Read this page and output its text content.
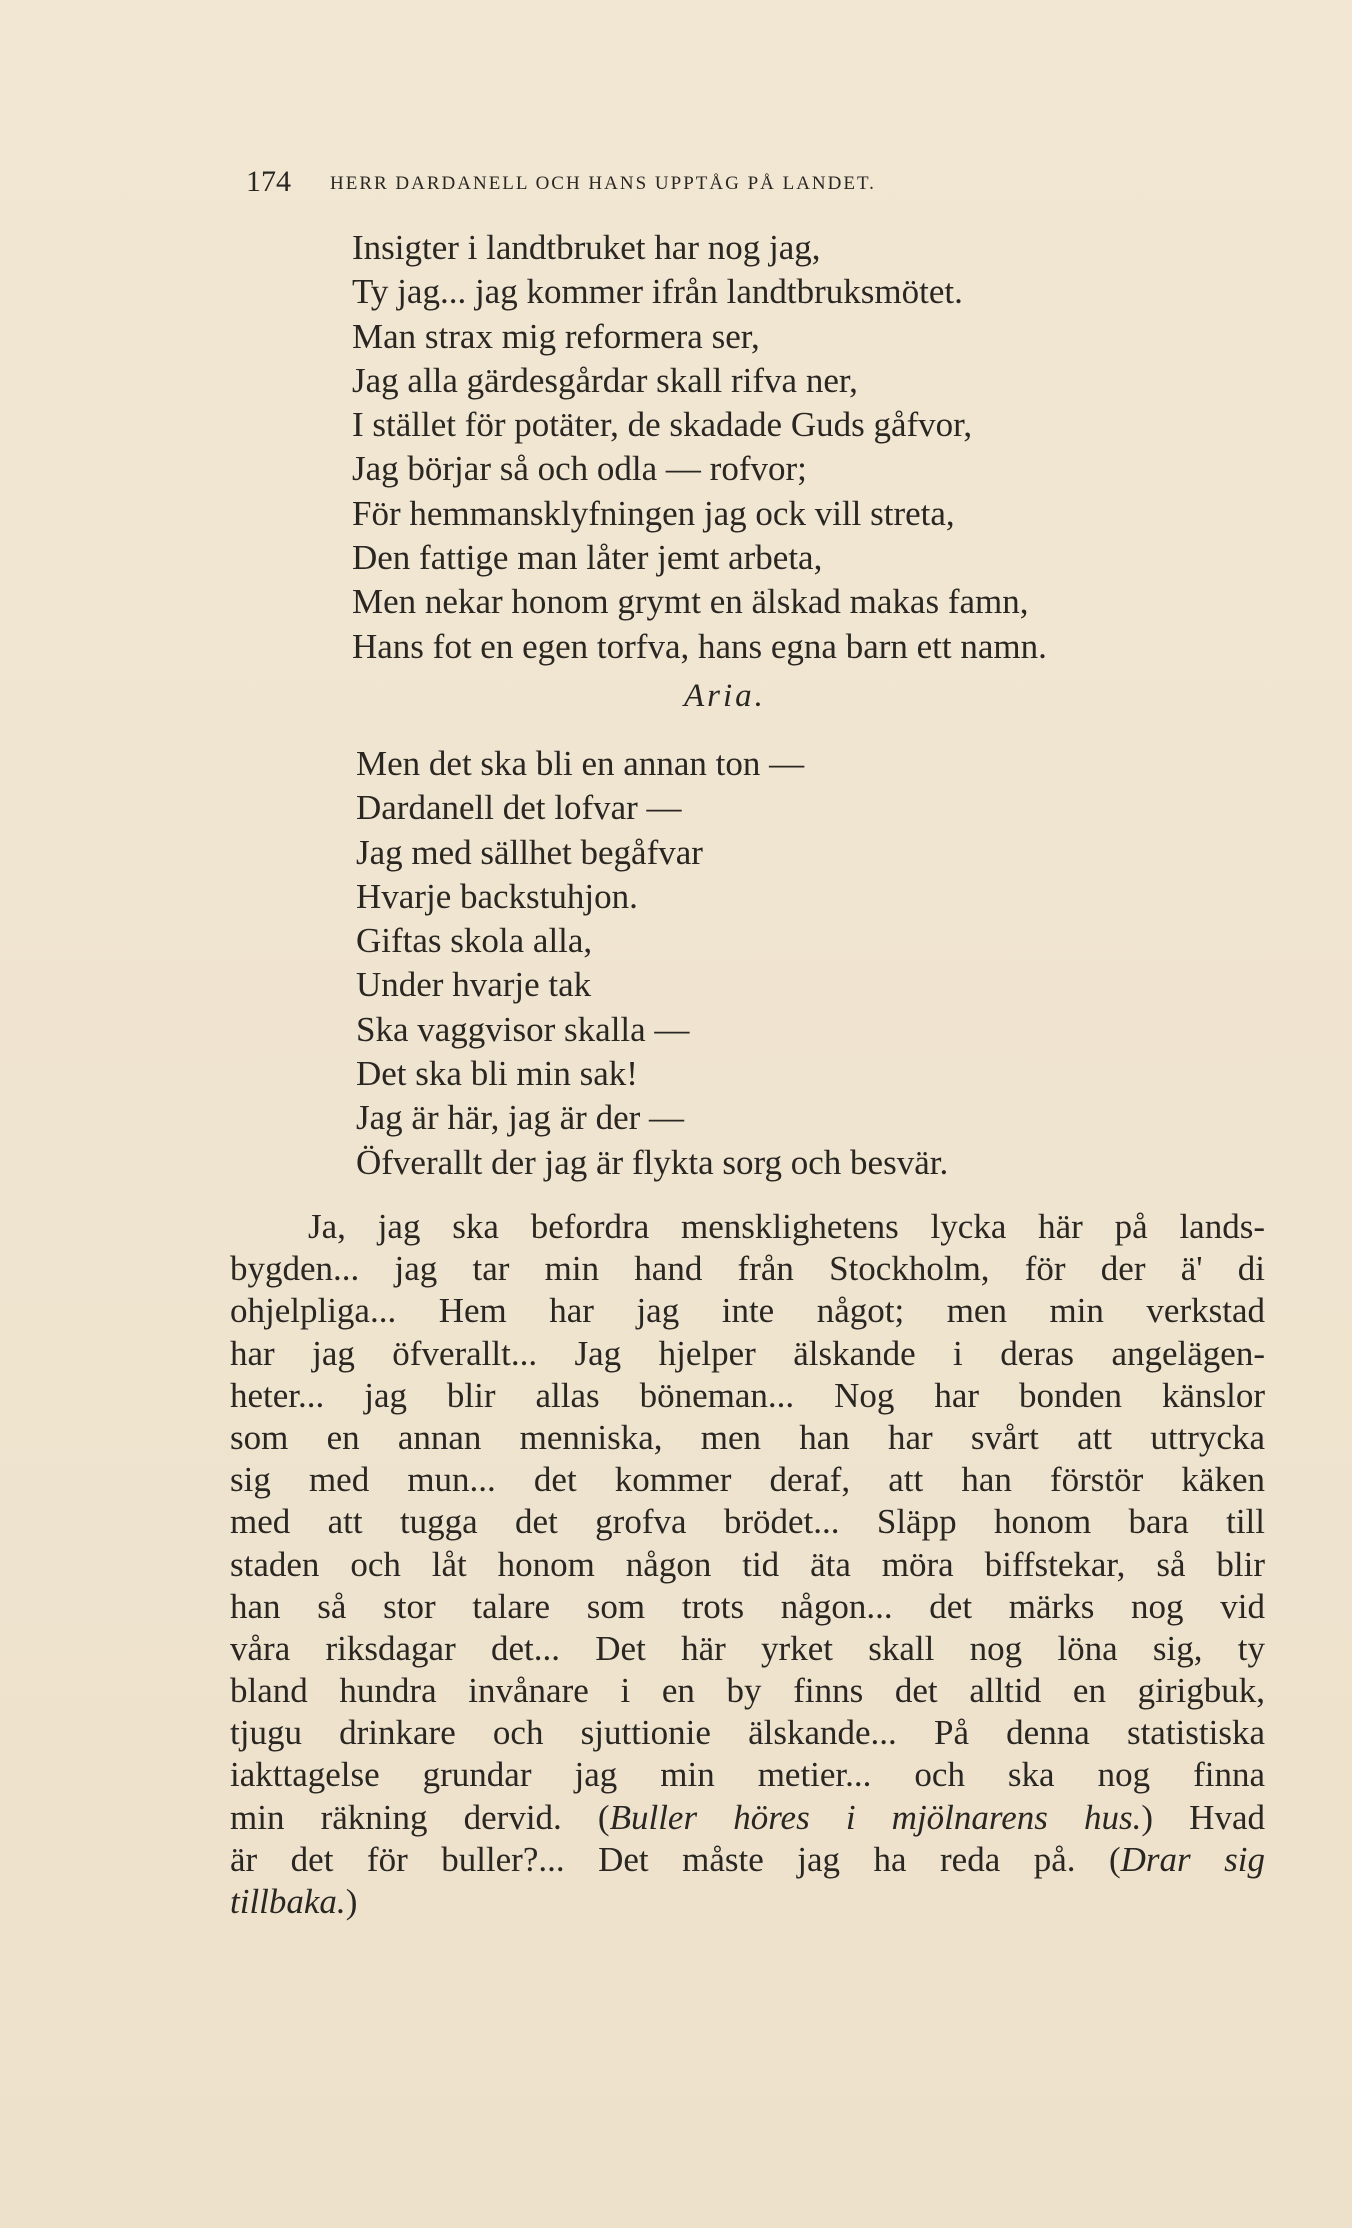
174 HERR DARDANELL OCH HANS UPPTÅG PÅ LANDET.
Insigter i landtbruket har nog jag,
Ty jag... jag kommer ifrån landtbruksmötet.
Man strax mig reformera ser,
Jag alla gärdesgårdar skall rifva ner,
I stället för potäter, de skadade Guds gåfvor,
Jag börjar så och odla — rofvor;
För hemmansklyfningen jag ock vill streta,
Den fattige man låter jemt arbeta,
Men nekar honom grymt en älskad makas famn,
Hans fot en egen torfva, hans egna barn ett namn.
Aria.
Men det ska bli en annan ton —
Dardanell det lofvar —
Jag med sällhet begåfvar
Hvarje backstuhjon.
Giftas skola alla,
Under hvarje tak
Ska vaggvisor skalla —
Det ska bli min sak!
Jag är här, jag är der —
Öfverallt der jag är flykta sorg och besvär.
Ja, jag ska befordra mensklighetens lycka här på lands-
bygden... jag tar min hand från Stockholm, för der ä' di
ohjelpliga... Hem har jag inte något; men min verkstad
har jag öfverallt... Jag hjelper älskande i deras angelägen-
heter... jag blir allas böneman... Nog har bonden känslor
som en annan menniska, men han har svårt att uttrycka
sig med mun... det kommer deraf, att han förstör käken
med att tugga det grofva brödet... Släpp honom bara till
staden och låt honom någon tid äta möra biffstekar, så blir
han så stor talare som trots någon... det märks nog vid
våra riksdagar det... Det här yrket skall nog löna sig, ty
bland hundra invånare i en by finns det alltid en girigbuk,
tjugu drinkare och sjuttionie älskande... På denna statistiska
iakttagelse grundar jag min metier... och ska nog finna
min räkning dervid. (Buller höres i mjölnarens hus.) Hvad
är det för buller?... Det måste jag ha reda på. (Drar sig
tillbaka.)
